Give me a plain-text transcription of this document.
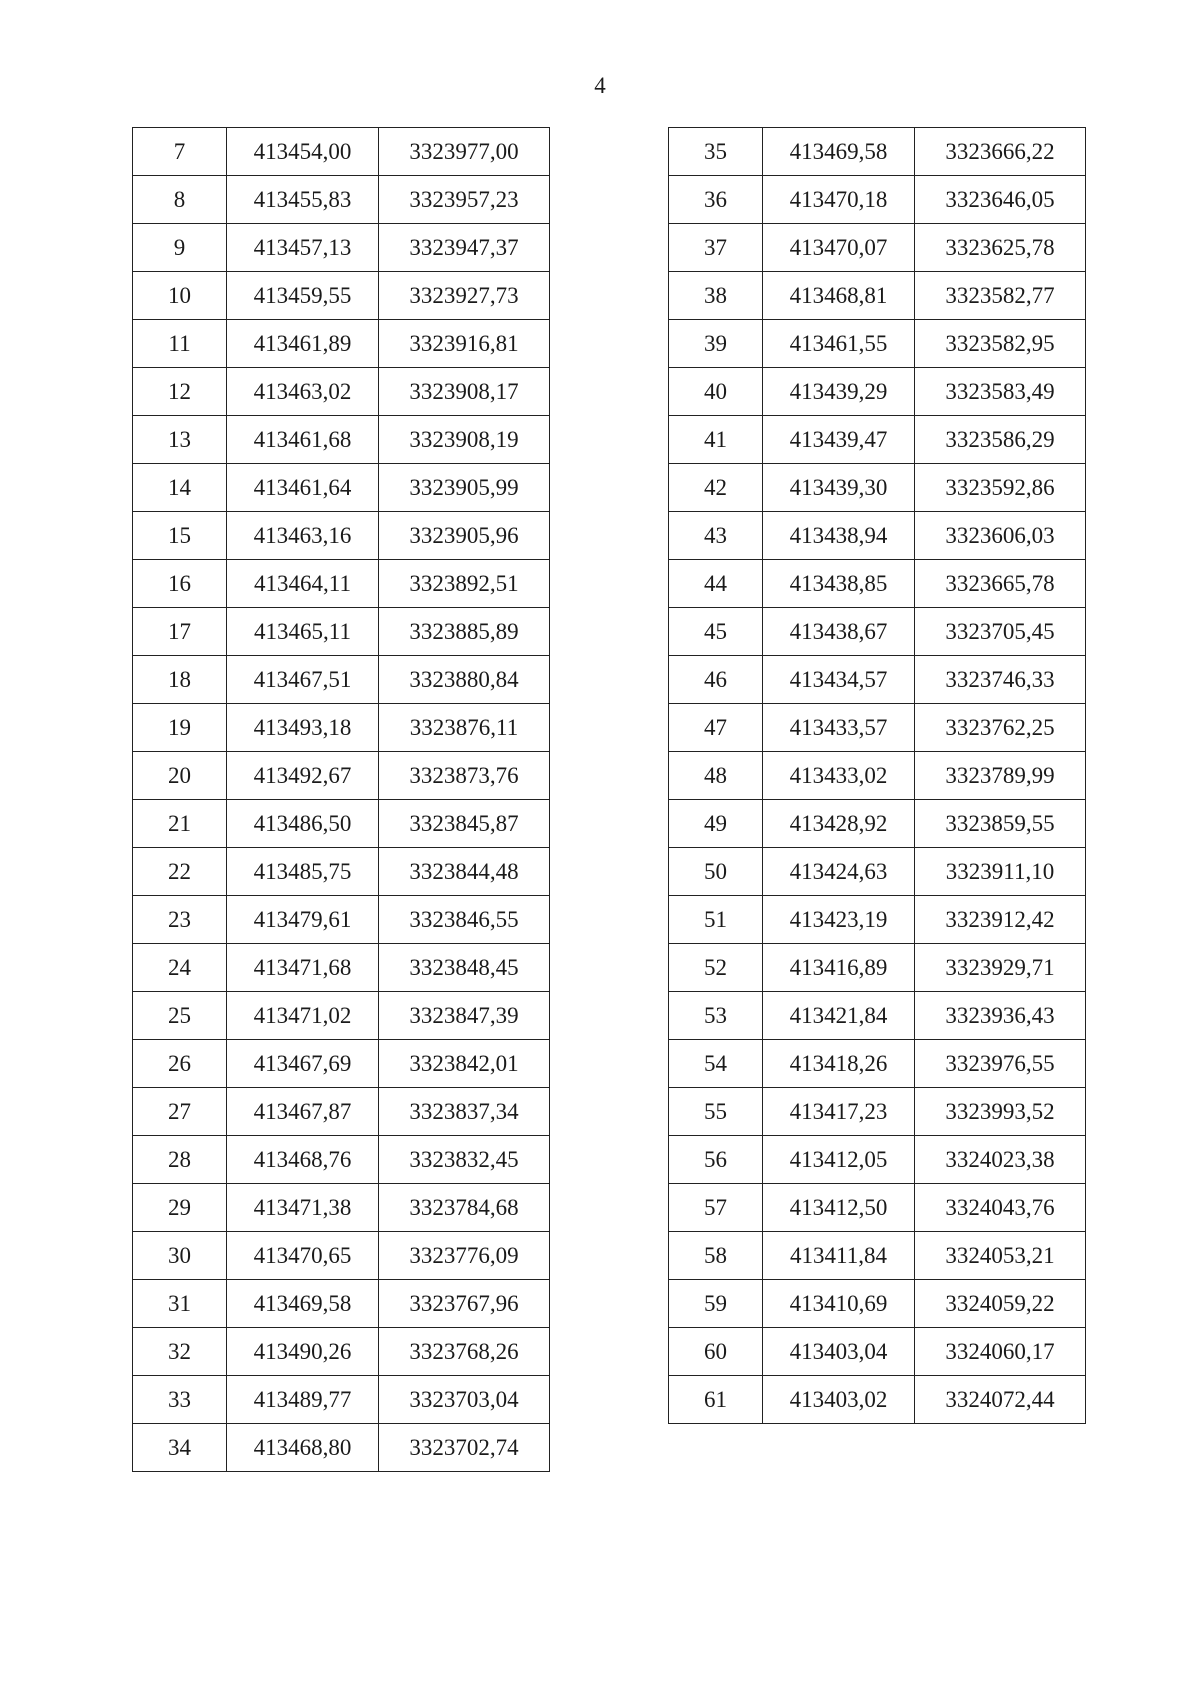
4
7	413454,00	3323977,00
8	413455,83	3323957,23
9	413457,13	3323947,37
10	413459,55	3323927,73
11	413461,89	3323916,81
12	413463,02	3323908,17
13	413461,68	3323908,19
14	413461,64	3323905,99
15	413463,16	3323905,96
16	413464,11	3323892,51
17	413465,11	3323885,89
18	413467,51	3323880,84
19	413493,18	3323876,11
20	413492,67	3323873,76
21	413486,50	3323845,87
22	413485,75	3323844,48
23	413479,61	3323846,55
24	413471,68	3323848,45
25	413471,02	3323847,39
26	413467,69	3323842,01
27	413467,87	3323837,34
28	413468,76	3323832,45
29	413471,38	3323784,68
30	413470,65	3323776,09
31	413469,58	3323767,96
32	413490,26	3323768,26
33	413489,77	3323703,04
34	413468,80	3323702,74
35	413469,58	3323666,22
36	413470,18	3323646,05
37	413470,07	3323625,78
38	413468,81	3323582,77
39	413461,55	3323582,95
40	413439,29	3323583,49
41	413439,47	3323586,29
42	413439,30	3323592,86
43	413438,94	3323606,03
44	413438,85	3323665,78
45	413438,67	3323705,45
46	413434,57	3323746,33
47	413433,57	3323762,25
48	413433,02	3323789,99
49	413428,92	3323859,55
50	413424,63	3323911,10
51	413423,19	3323912,42
52	413416,89	3323929,71
53	413421,84	3323936,43
54	413418,26	3323976,55
55	413417,23	3323993,52
56	413412,05	3324023,38
57	413412,50	3324043,76
58	413411,84	3324053,21
59	413410,69	3324059,22
60	413403,04	3324060,17
61	413403,02	3324072,44
